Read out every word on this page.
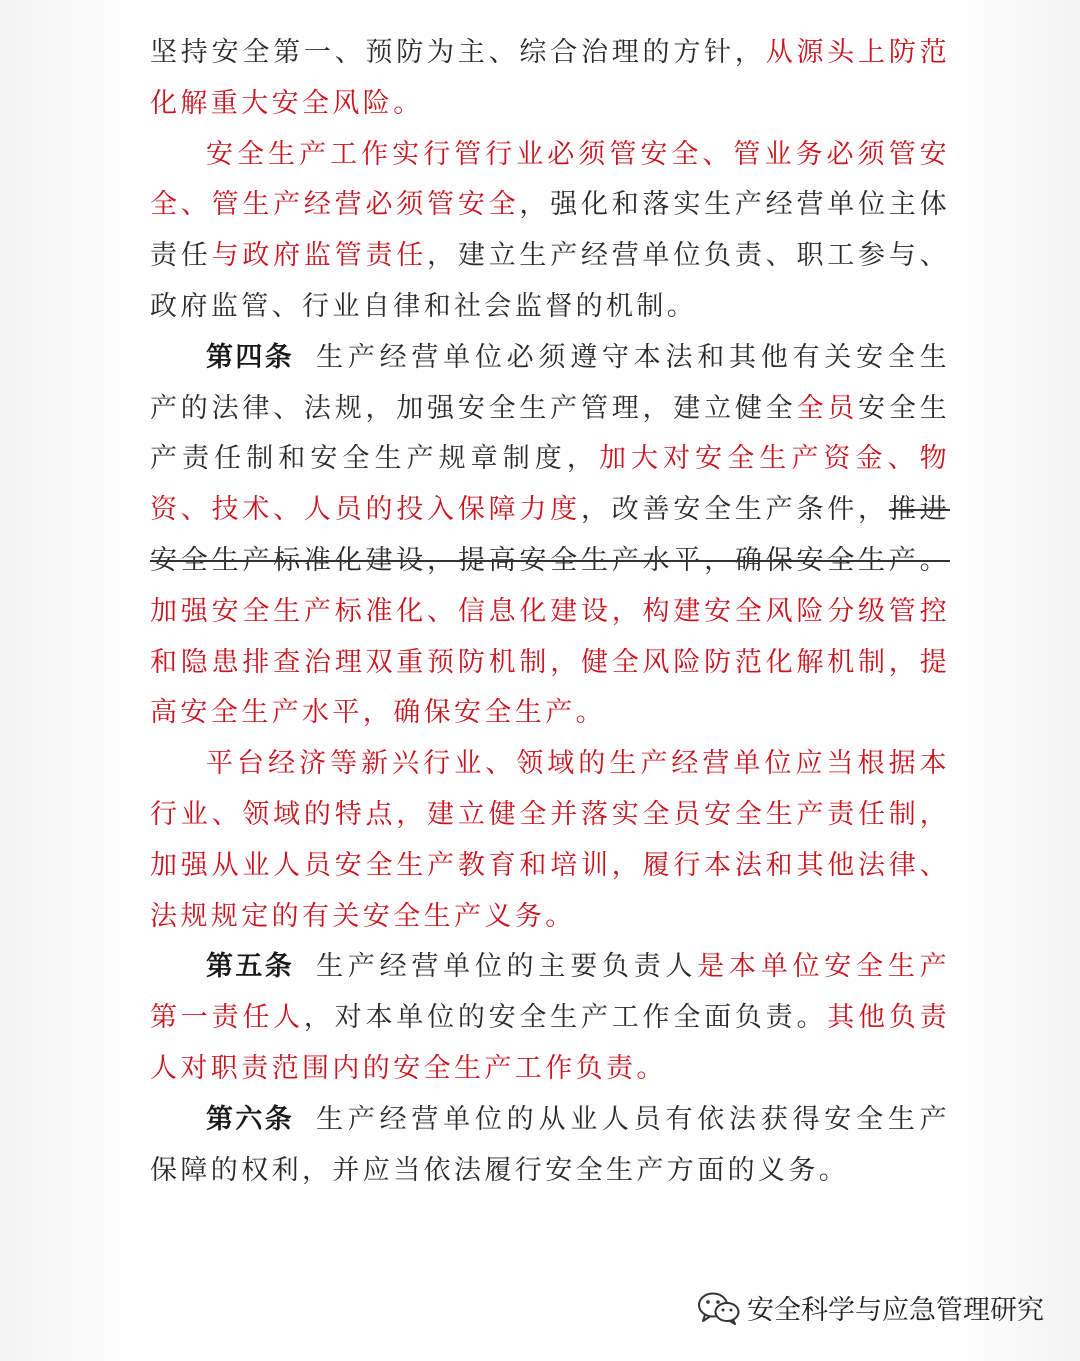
坚持安全第一、预防为主、综合治理的方针，从源头上防范化解重大安全风险。

安全生产工作实行管行业必须管安全、管业务必须管安全、管生产经营必须管安全，强化和落实生产经营单位主体责任与政府监管责任，建立生产经营单位负责、职工参与、政府监管、行业自律和社会监督的机制。

第四条 生产经营单位必须遵守本法和其他有关安全生产的法律、法规，加强安全生产管理，建立健全全员安全生产责任制和安全生产规章制度，加大对安全生产资金、物资、技术、人员的投入保障力度，改善安全生产条件，推进安全生产标准化建设，提高安全生产水平，确保安全生产。加强安全生产标准化、信息化建设，构建安全风险分级管控和隐患排查治理双重预防机制，健全风险防范化解机制，提高安全生产水平，确保安全生产。

平台经济等新兴行业、领域的生产经营单位应当根据本行业、领域的特点，建立健全并落实全员安全生产责任制，加强从业人员安全生产教育和培训，履行本法和其他法律、法规规定的有关安全生产义务。

第五条 生产经营单位的主要负责人是本单位安全生产第一责任人，对本单位的安全生产工作全面负责。其他负责人对职责范围内的安全生产工作负责。

第六条 生产经营单位的从业人员有依法获得安全生产保障的权利，并应当依法履行安全生产方面的义务。

安全科学与应急管理研究
